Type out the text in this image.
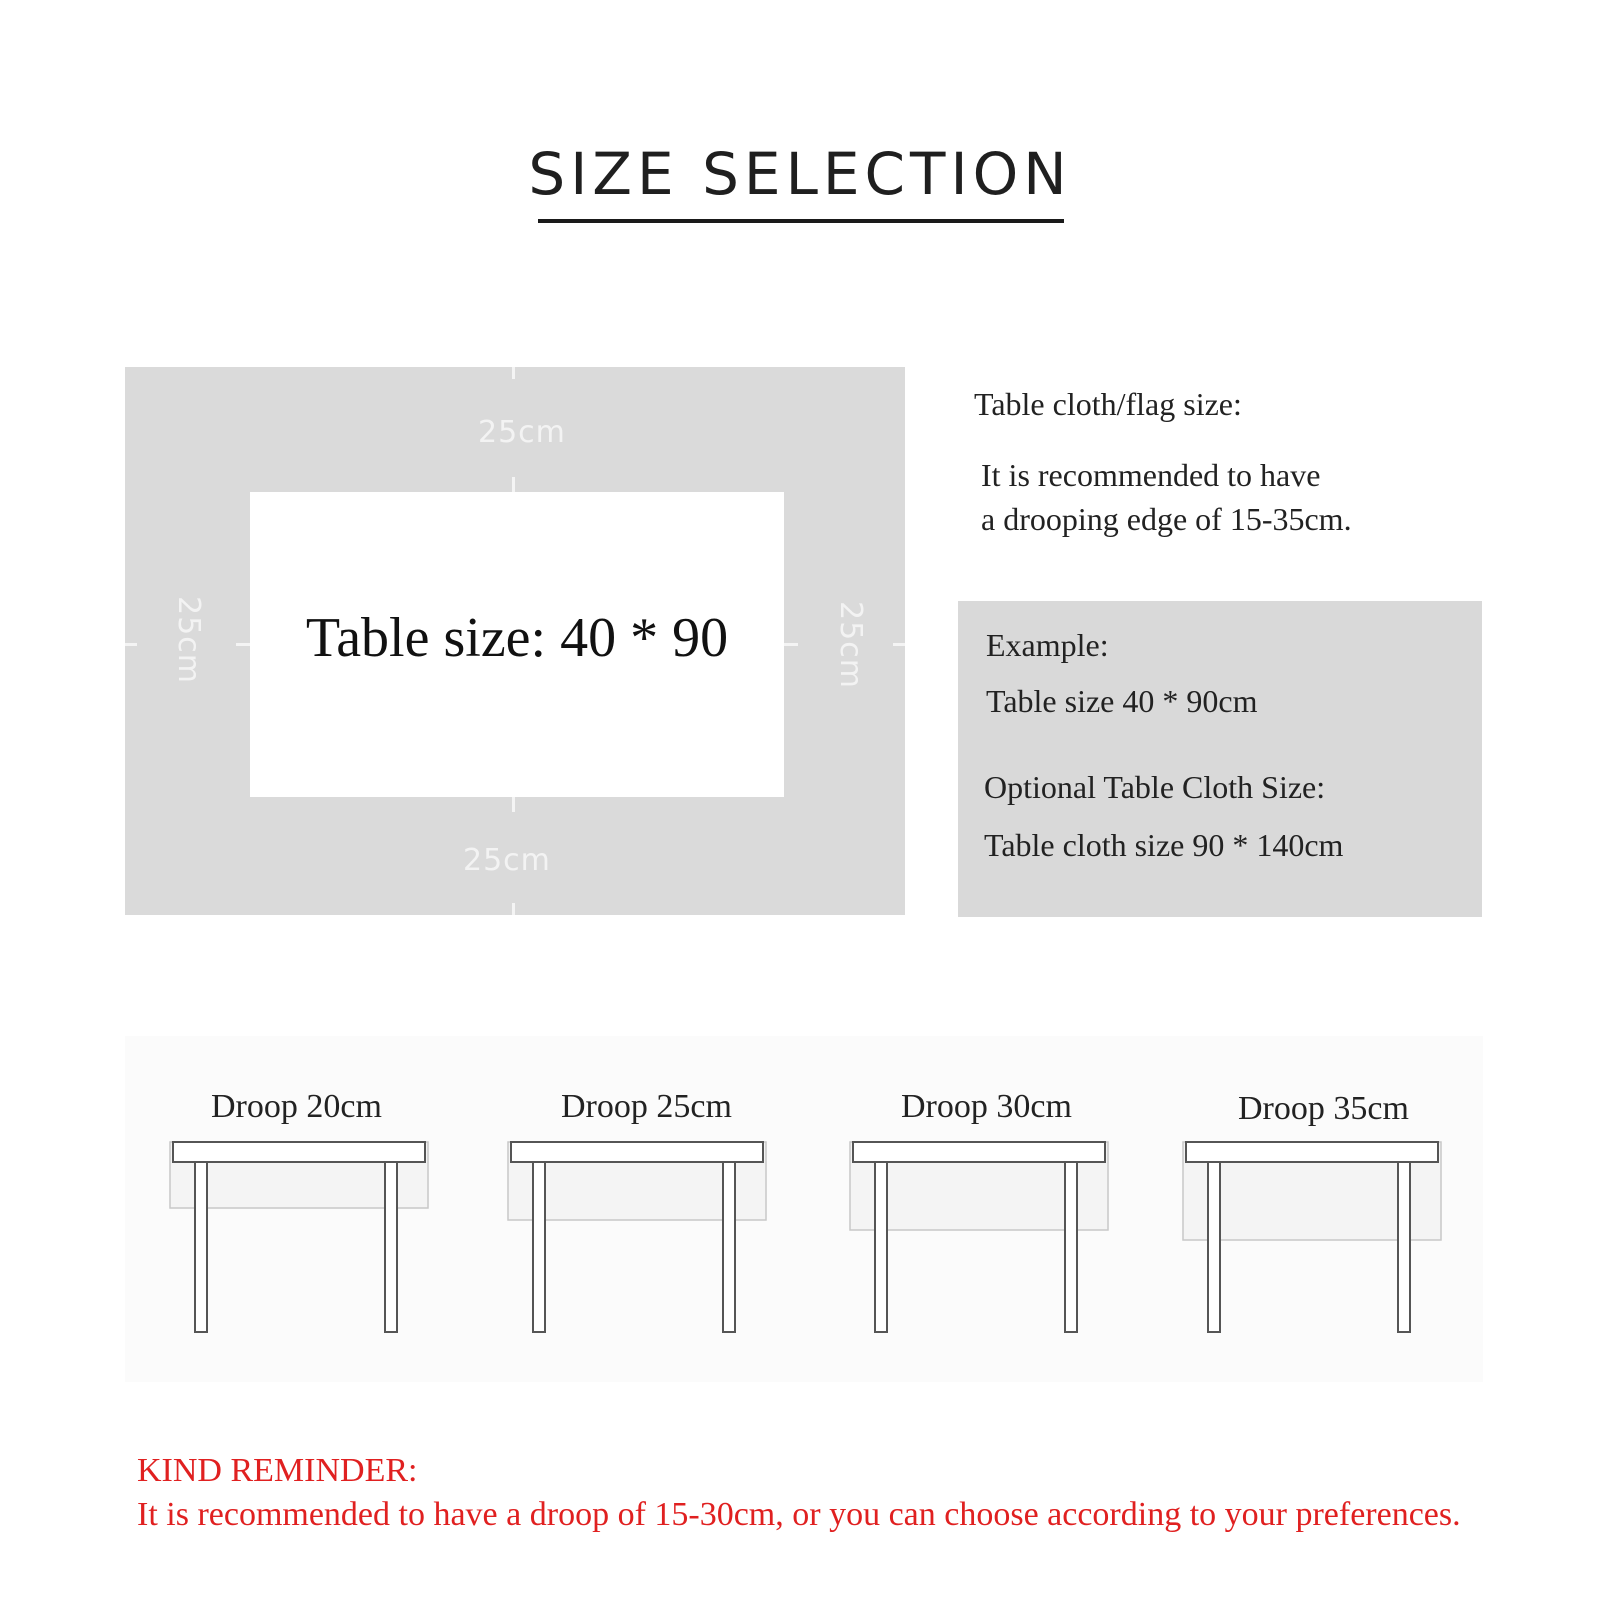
SIZE SELECTION
25cm
25cm
25cm	25cm
Table size: 40 * 90
Table cloth/flag size:
It is recommended to have
a drooping edge of 15-35cm.
Example:
Table size 40 * 90cm
Optional Table Cloth Size:
Table cloth size 90 * 140cm
Droop 20cm	Droop 25cm	Droop 30cm	Droop 35cm
KIND REMINDER:
It is recommended to have a droop of 15-30cm, or you can choose according to your preferences.
